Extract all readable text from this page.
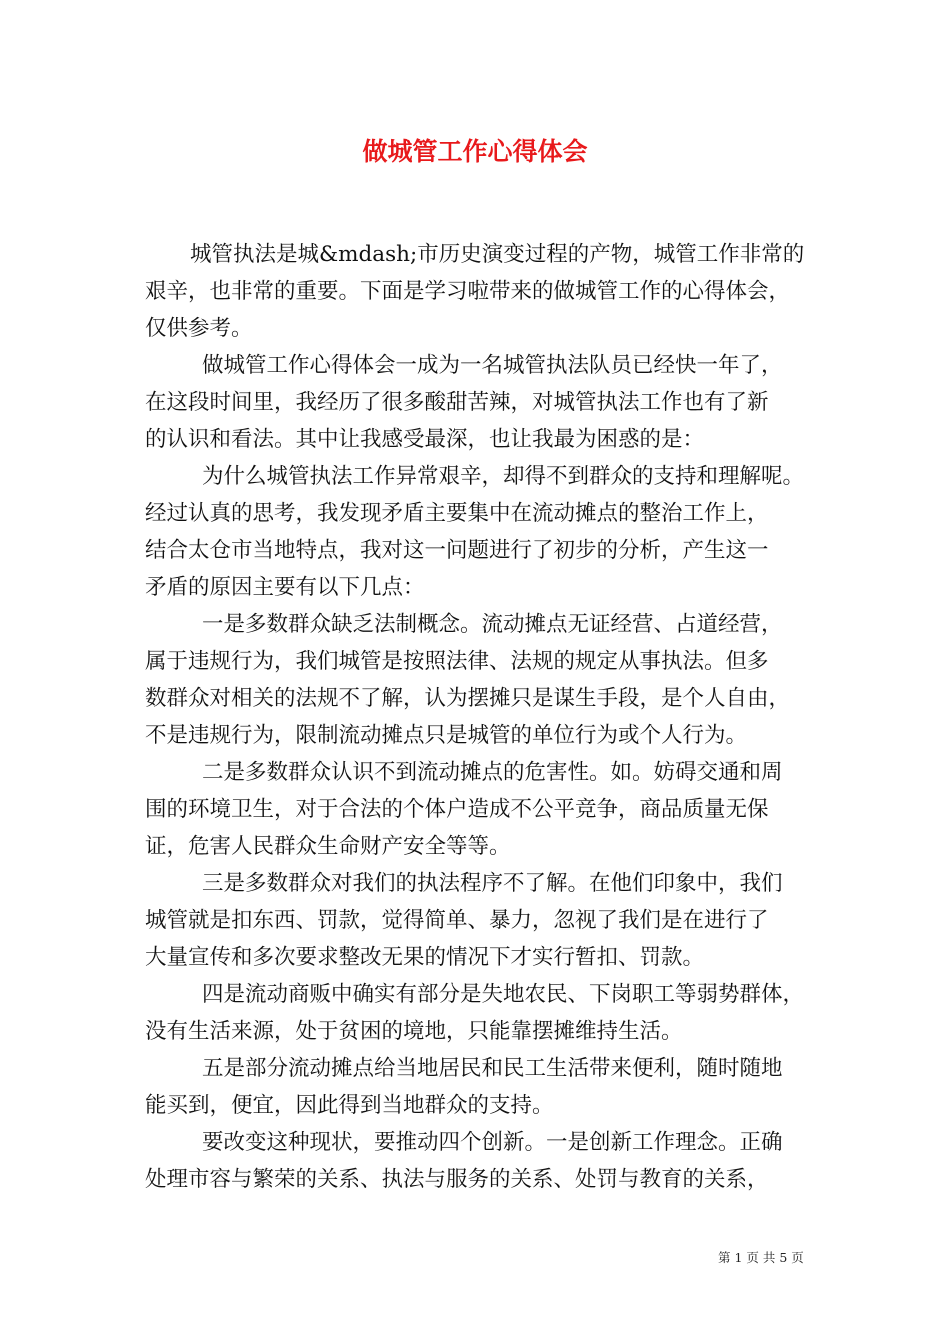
做城管工作心得体会
城管执法是城&mdash;市历史演变过程的产物，城管工作非常的
艰辛，也非常的重要。下面是学习啦带来的做城管工作的心得体会，
仅供参考。
做城管工作心得体会一成为一名城管执法队员已经快一年了，
在这段时间里，我经历了很多酸甜苦辣，对城管执法工作也有了新
的认识和看法。其中让我感受最深，也让我最为困惑的是：
为什么城管执法工作异常艰辛，却得不到群众的支持和理解呢。
经过认真的思考，我发现矛盾主要集中在流动摊点的整治工作上，
结合太仓市当地特点，我对这一问题进行了初步的分析，产生这一
矛盾的原因主要有以下几点：
一是多数群众缺乏法制概念。流动摊点无证经营、占道经营，
属于违规行为，我们城管是按照法律、法规的规定从事执法。但多
数群众对相关的法规不了解，认为摆摊只是谋生手段，是个人自由，
不是违规行为，限制流动摊点只是城管的单位行为或个人行为。
二是多数群众认识不到流动摊点的危害性。如。妨碍交通和周
围的环境卫生，对于合法的个体户造成不公平竞争，商品质量无保
证，危害人民群众生命财产安全等等。
三是多数群众对我们的执法程序不了解。在他们印象中，我们
城管就是扣东西、罚款，觉得简单、暴力，忽视了我们是在进行了
大量宣传和多次要求整改无果的情况下才实行暂扣、罚款。
四是流动商贩中确实有部分是失地农民、下岗职工等弱势群体，
没有生活来源，处于贫困的境地，只能靠摆摊维持生活。
五是部分流动摊点给当地居民和民工生活带来便利，随时随地
能买到，便宜，因此得到当地群众的支持。
要改变这种现状，要推动四个创新。一是创新工作理念。正确
处理市容与繁荣的关系、执法与服务的关系、处罚与教育的关系，
第 1 页 共 5 页
